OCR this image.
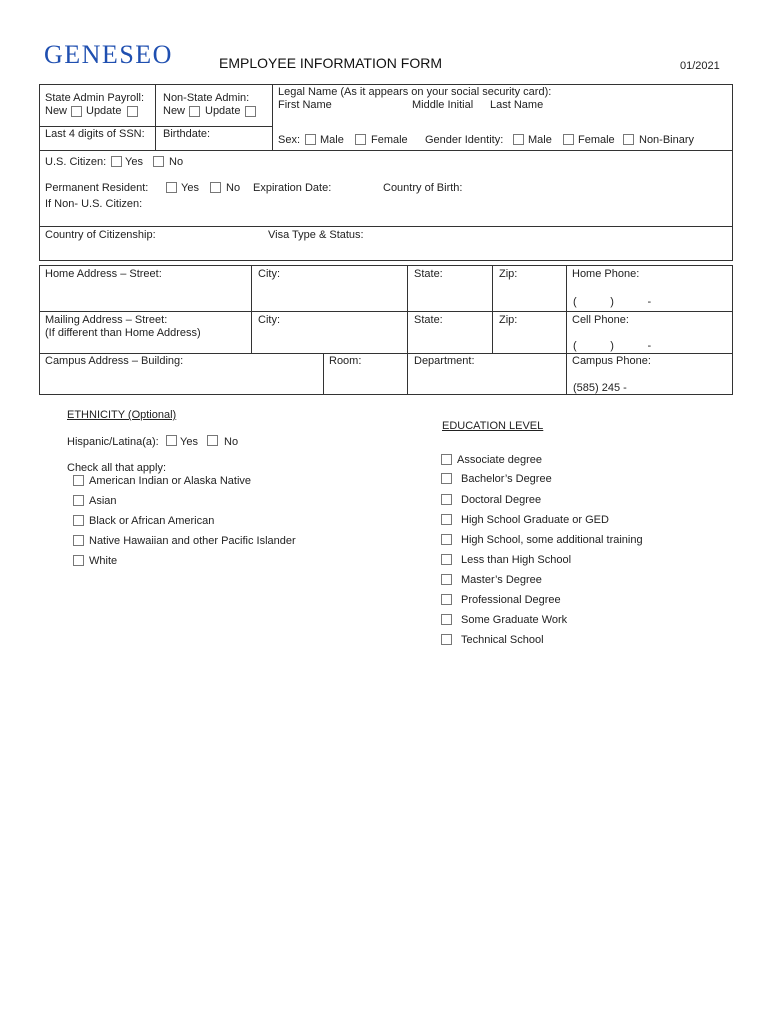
GENESEO	EMPLOYEE INFORMATION FORM	01/2021
State Admin Payroll:
New Update
Non-State Admin:
New Update
Legal Name (As it appears on your social security card):
First Name	Middle Initial Last Name
Last 4 digits of SSN: Birthdate:	Sex: Male Female Gender Identity: Male Female Non-Binary
U.S. Citizen: Yes No
Permanent Resident:	Yes No Expiration Date:	Country of Birth:
If Non- U.S. Citizen:
Country of Citizenship:	Visa Type & Status:
Home Address – Street:	City:	State:	Zip:	Home Phone:
(           )           -
Mailing Address – Street:
(If different than Home Address)
City:	State:	Zip:	Cell Phone:
(           )           -
Campus Address – Building:	Room:	Department:	Campus Phone:
(585) 245 -
ETHNICITY (Optional)
Hispanic/Latina(a): Yes No
Check all that apply:
American Indian or Alaska Native
Asian
Black or African American
Native Hawaiian and other Pacific Islander
White
EDUCATION LEVEL
Associate degree
Bachelor’s Degree
Doctoral Degree
High School Graduate or GED
High School, some additional training
Less than High School
Master’s Degree
Professional Degree
Some Graduate Work
Technical School
